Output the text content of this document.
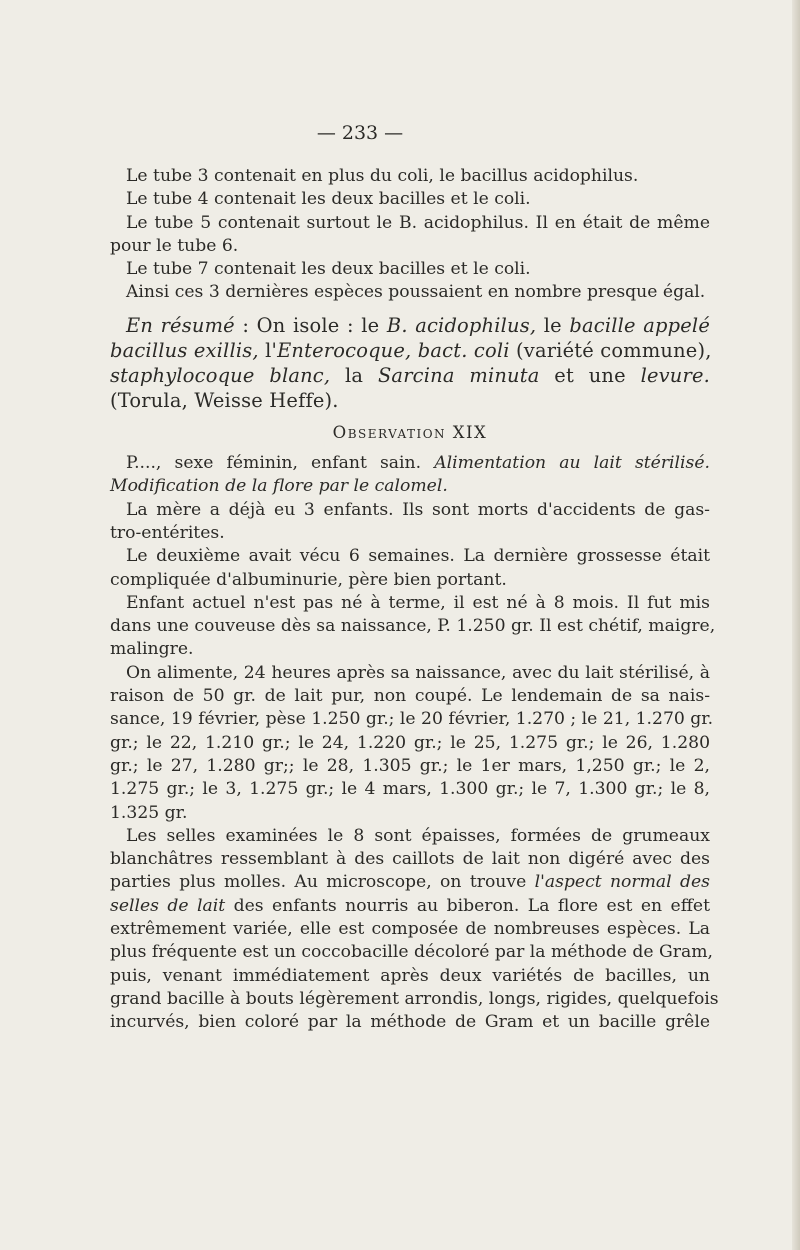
— 233 —
Le tube 3 contenait en plus du coli, le bacillus acidophilus.
Le tube 4 contenait les deux bacilles et le coli.
Le tube 5 contenait surtout le B. acidophilus. Il en était de même
pour le tube 6.
Le tube 7 contenait les deux bacilles et le coli.
Ainsi ces 3 dernières espèces poussaient en nombre presque égal.
En résumé : On isole : le B. acidophilus, le bacille appelé
bacillus exillis, l'Enterocoque, bact. coli (variété commune),
staphylocoque blanc, la Sarcina minuta et une levure.
(Torula, Weisse Heffe).
Observation XIX
P...., sexe féminin, enfant sain. Alimentation au lait stérilisé.
Modification de la flore par le calomel.
La mère a déjà eu 3 enfants. Ils sont morts d'accidents de gas-
tro-entérites.
Le deuxième avait vécu 6 semaines. La dernière grossesse était
compliquée d'albuminurie, père bien portant.
Enfant actuel n'est pas né à terme, il est né à 8 mois. Il fut mis
dans une couveuse dès sa naissance, P. 1.250 gr. Il est chétif, maigre,
malingre.
On alimente, 24 heures après sa naissance, avec du lait stérilisé, à
raison de 50 gr. de lait pur, non coupé. Le lendemain de sa nais-
sance, 19 février, pèse 1.250 gr.; le 20 février, 1.270 ; le 21, 1.270 gr.
gr.; le 22, 1.210 gr.; le 24, 1.220 gr.; le 25, 1.275 gr.; le 26, 1.280
gr.; le 27, 1.280 gr;; le 28, 1.305 gr.; le 1er mars, 1,250 gr.; le 2,
1.275 gr.; le 3, 1.275 gr.; le 4 mars, 1.300 gr.; le 7, 1.300 gr.; le 8,
1.325 gr.
Les selles examinées le 8 sont épaisses, formées de grumeaux
blanchâtres ressemblant à des caillots de lait non digéré avec des
parties plus molles. Au microscope, on trouve l'aspect normal des
selles de lait des enfants nourris au biberon. La flore est en effet
extrêmement variée, elle est composée de nombreuses espèces. La
plus fréquente est un coccobacille décoloré par la méthode de Gram,
puis, venant immédiatement après deux variétés de bacilles, un
grand bacille à bouts légèrement arrondis, longs, rigides, quelquefois
incurvés, bien coloré par la méthode de Gram et un bacille grêle
